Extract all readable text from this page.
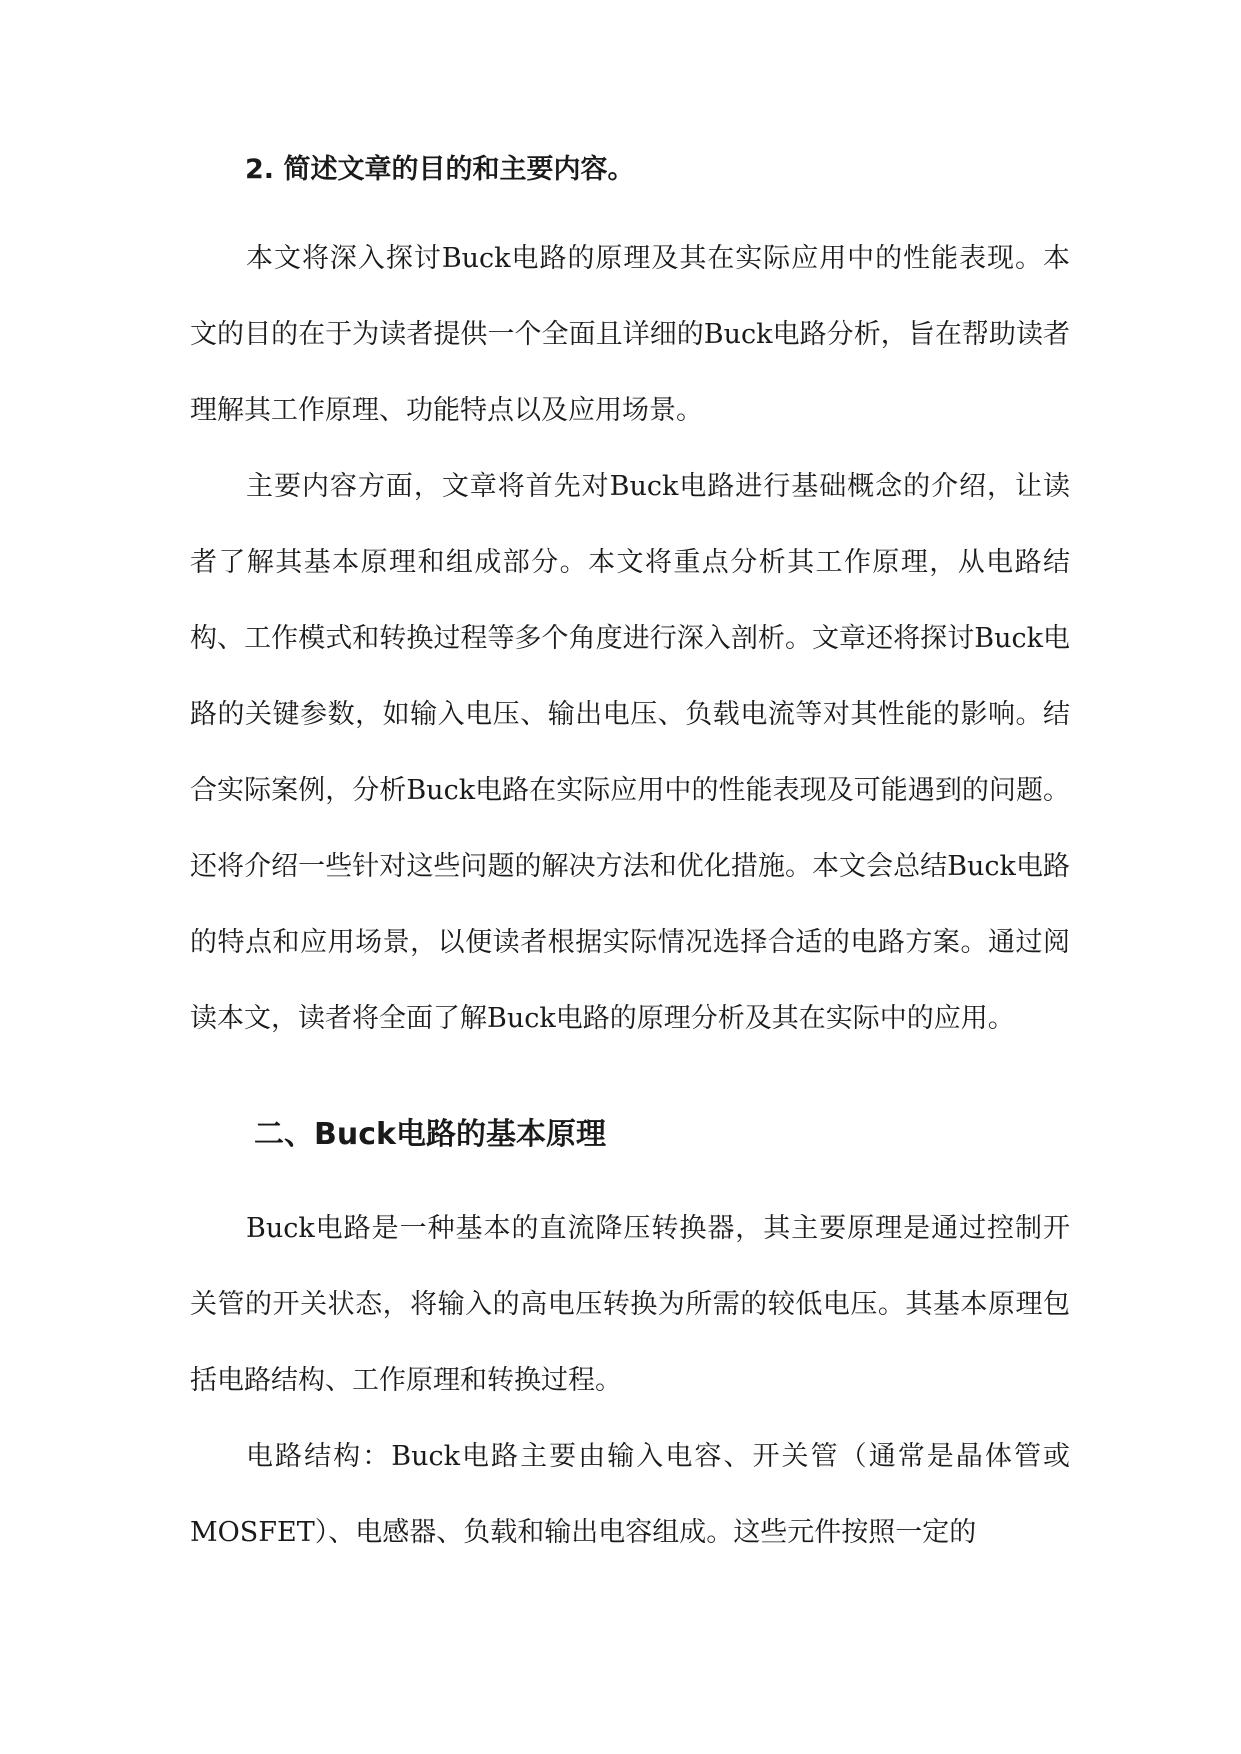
2. 简述文章的目的和主要内容。

本文将深入探讨Buck电路的原理及其在实际应用中的性能表现。本文的目的在于为读者提供一个全面且详细的Buck电路分析，旨在帮助读者理解其工作原理、功能特点以及应用场景。

主要内容方面，文章将首先对Buck电路进行基础概念的介绍，让读者了解其基本原理和组成部分。本文将重点分析其工作原理，从电路结构、工作模式和转换过程等多个角度进行深入剖析。文章还将探讨Buck电路的关键参数，如输入电压、输出电压、负载电流等对其性能的影响。结合实际案例，分析Buck电路在实际应用中的性能表现及可能遇到的问题。还将介绍一些针对这些问题的解决方法和优化措施。本文会总结Buck电路的特点和应用场景，以便读者根据实际情况选择合适的电路方案。通过阅读本文，读者将全面了解Buck电路的原理分析及其在实际中的应用。

二、Buck电路的基本原理

Buck电路是一种基本的直流降压转换器，其主要原理是通过控制开关管的开关状态，将输入的高电压转换为所需的较低电压。其基本原理包括电路结构、工作原理和转换过程。

电路结构：Buck电路主要由输入电容、开关管（通常是晶体管或MOSFET）、电感器、负载和输出电容组成。这些元件按照一定的
